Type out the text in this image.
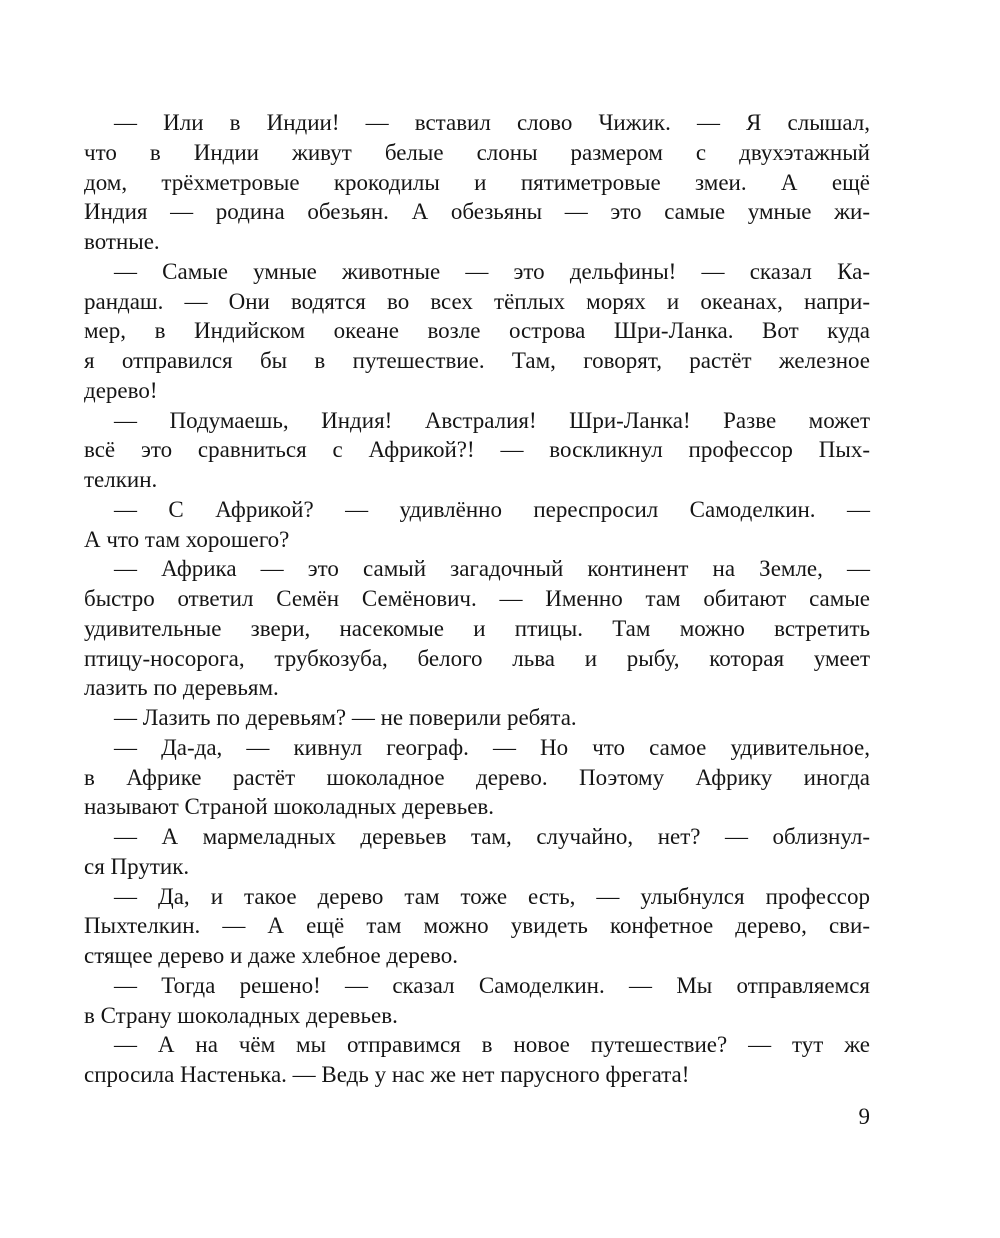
— Или в Индии! — вставил слово Чижик. — Я слышал,
что в Индии живут белые слоны размером с двухэтажный
дом, трёхметровые крокодилы и пятиметровые змеи. А ещё
Индия — родина обезьян. А обезьяны — это самые умные жи-
вотные.

— Самые умные животные — это дельфины! — сказал Ка-
рандаш. — Они водятся во всех тёплых морях и океанах, напри-
мер, в Индийском океане возле острова Шри-Ланка. Вот куда
я отправился бы в путешествие. Там, говорят, растёт железное
дерево!

— Подумаешь, Индия! Австралия! Шри-Ланка! Разве может
всё это сравниться с Африкой?! — воскликнул профессор Пых-
телкин.

— С Африкой? — удивлённо переспросил Самоделкин. —
А что там хорошего?

— Африка — это самый загадочный континент на Земле, —
быстро ответил Семён Семёнович. — Именно там обитают самые
удивительные звери, насекомые и птицы. Там можно встретить
птицу-носорога, трубкозуба, белого льва и рыбу, которая умеет
лазить по деревьям.

— Лазить по деревьям? — не поверили ребята.

— Да-да, — кивнул географ. — Но что самое удивительное,
в Африке растёт шоколадное дерево. Поэтому Африку иногда
называют Страной шоколадных деревьев.

— А мармеладных деревьев там, случайно, нет? — облизнул-
ся Прутик.

— Да, и такое дерево там тоже есть, — улыбнулся профессор
Пыхтелкин. — А ещё там можно увидеть конфетное дерево, сви-
стящее дерево и даже хлебное дерево.

— Тогда решено! — сказал Самоделкин. — Мы отправляемся
в Страну шоколадных деревьев.

— А на чём мы отправимся в новое путешествие? — тут же
спросила Настенька. — Ведь у нас же нет парусного фрегата!

9
